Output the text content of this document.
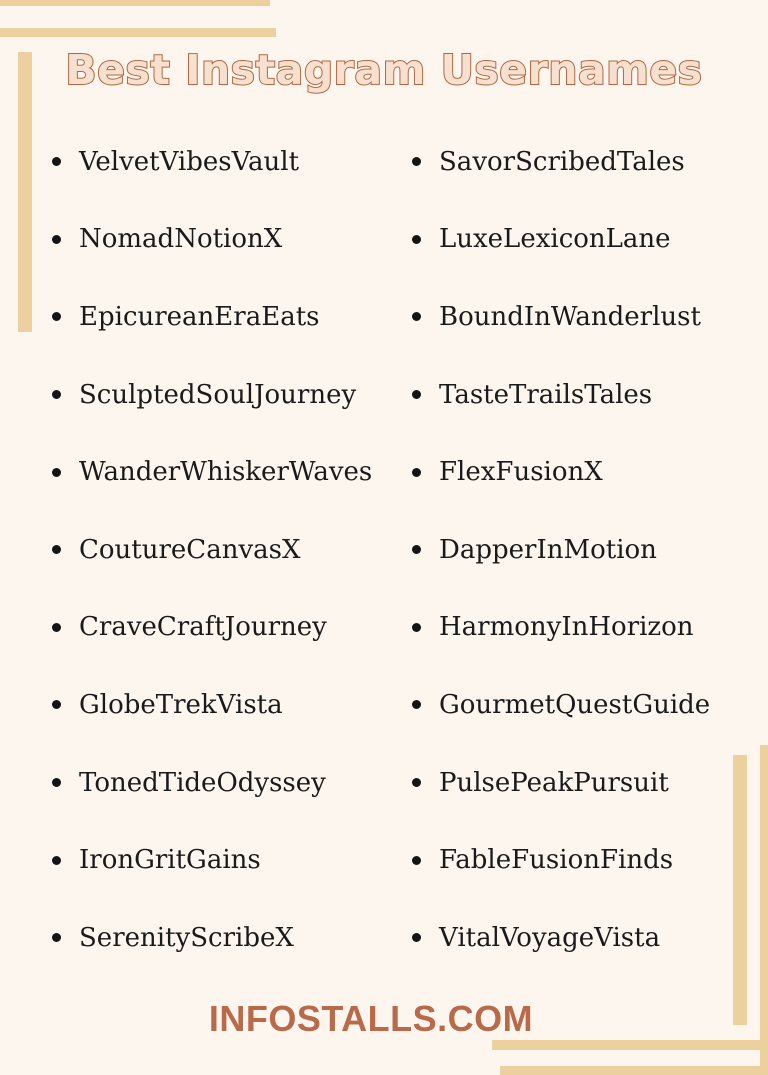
Best Instagram Usernames
VelvetVibesVault
NomadNotionX
EpicureanEraEats
SculptedSoulJourney
WanderWhiskerWaves
CoutureCanvasX
CraveCraftJourney
GlobeTrekVista
TonedTideOdyssey
IronGritGains
SerenityScribeX
SavorScribedTales
LuxeLexiconLane
BoundInWanderlust
TasteTrailsTales
FlexFusionX
DapperInMotion
HarmonyInHorizon
GourmetQuestGuide
PulsePeakPursuit
FableFusionFinds
VitalVoyageVista
INFOSTALLS.COM
